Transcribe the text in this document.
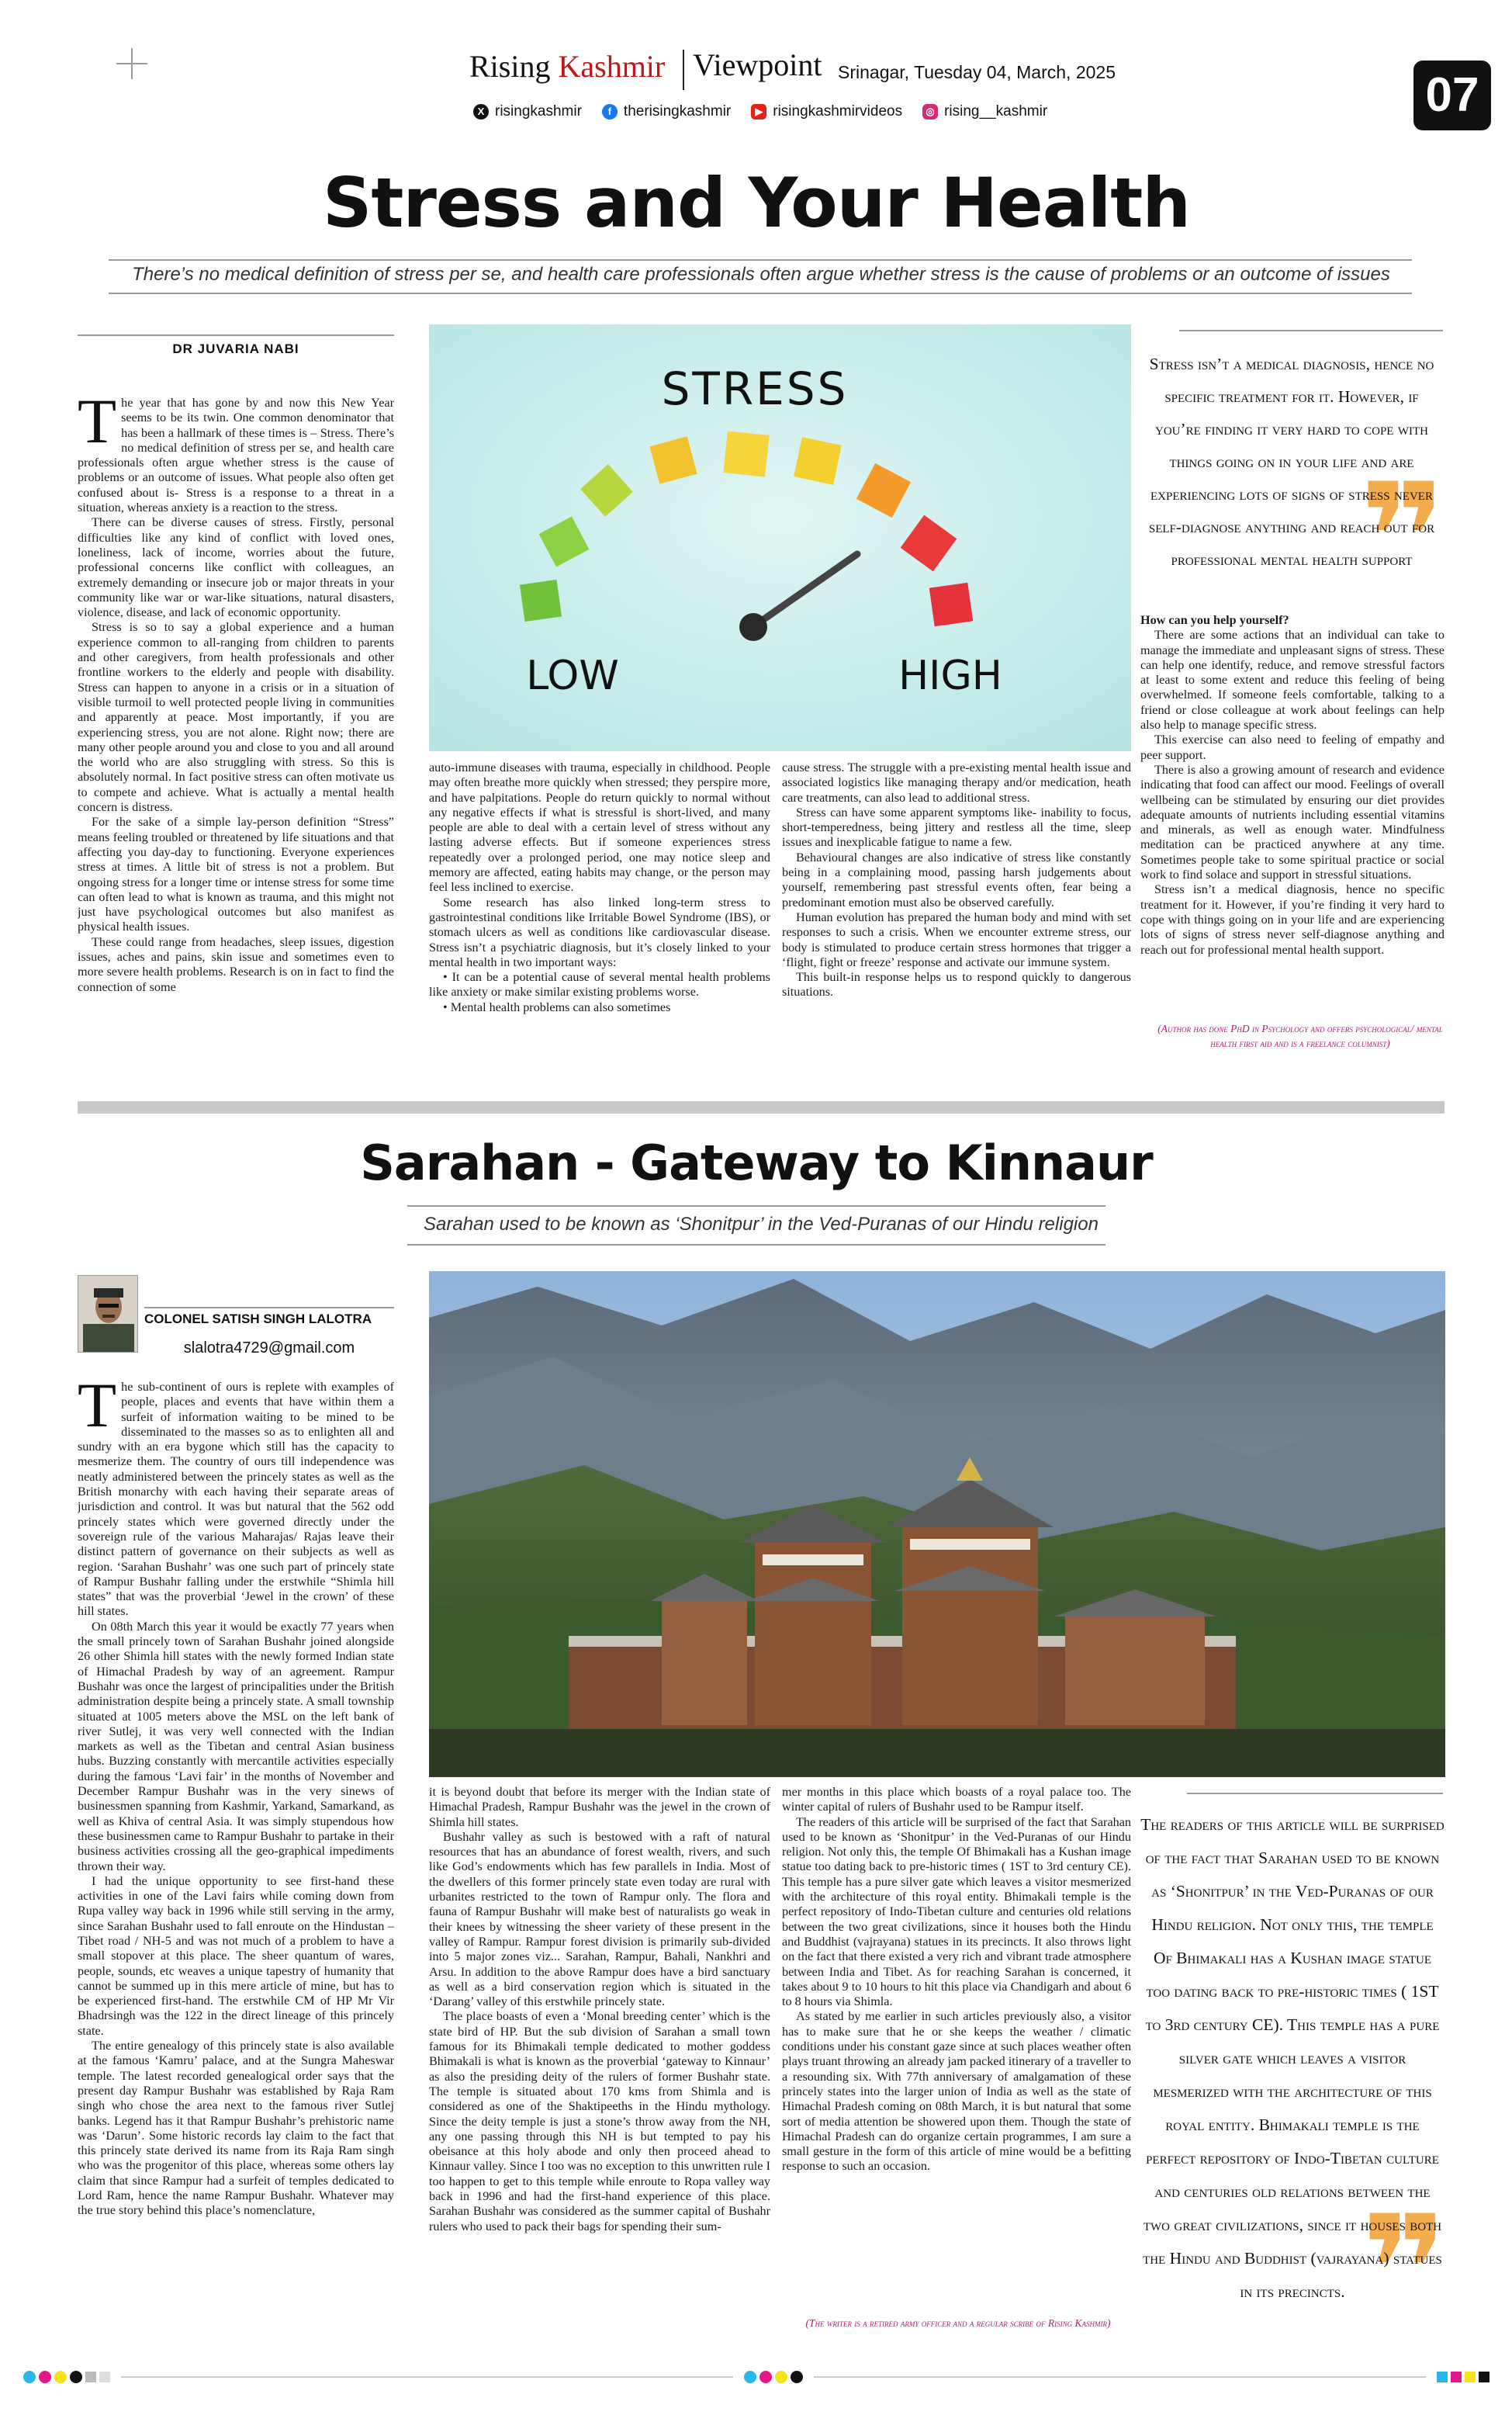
Rising Kashmir Viewpoint Srinagar, Tuesday 04, March, 2025
X risingkashmir	f therisingkashmir	▶ risingkashmirvideos	◎ rising__kashmir	07
Stress and Your Health
There’s no medical definition of stress per se, and health care professionals often argue whether stress is the cause of problems or an outcome of issues
DR JUVARIA NABI

The year that has gone by and now this New Year seems to be its twin. One common denominator that has been a hallmark of these times is – Stress. There’s no medical definition of stress per se, and health care professionals often argue whether stress is the cause of problems or an outcome of issues. What people also often get confused about is- Stress is a response to a threat in a situation, whereas anxiety is a reaction to the stress.

There can be diverse causes of stress. Firstly, personal difficulties like any kind of conflict with loved ones, loneliness, lack of income, worries about the future, professional concerns like conflict with colleagues, an extremely demanding or insecure job or major threats in your community like war or war-like situations, natural disasters, violence, disease, and lack of economic opportunity.

Stress is so to say a global experience and a human experience common to all-ranging from children to parents and other caregivers, from health professionals and other frontline workers to the elderly and people with disability. Stress can happen to anyone in a crisis or in a situation of visible turmoil to well protected people living in communities and apparently at peace. Most importantly, if you are experiencing stress, you are not alone. Right now; there are many other people around you and close to you and all around the world who are also struggling with stress. So this is absolutely normal. In fact positive stress can often motivate us to compete and achieve. What is actually a mental health concern is distress.

For the sake of a simple lay-person definition “Stress” means feeling troubled or threatened by life situations and that affecting you day-day to functioning. Everyone experiences stress at times. A little bit of stress is not a problem. But ongoing stress for a longer time or intense stress for some time can often lead to what is known as trauma, and this might not just have psychological outcomes but also manifest as physical health issues.

These could range from headaches, sleep issues, digestion issues, aches and pains, skin issue and sometimes even to more severe health problems. Research is on in fact to find the connection of some

STRESS
LOW	HIGH

auto-immune diseases with trauma, especially in childhood. People may often breathe more quickly when stressed; they perspire more, and have palpitations. People do return quickly to normal without any negative effects if what is stressful is short-lived, and many people are able to deal with a certain level of stress without any lasting adverse effects. But if someone experiences stress repeatedly over a prolonged period, one may notice sleep and memory are affected, eating habits may change, or the person may feel less inclined to exercise.

Some research has also linked long-term stress to gastrointestinal conditions like Irritable Bowel Syndrome (IBS), or stomach ulcers as well as conditions like cardiovascular disease. Stress isn’t a psychiatric diagnosis, but it’s closely linked to your mental health in two important ways:

• It can be a potential cause of several mental health problems like anxiety or make similar existing problems worse.

• Mental health problems can also sometimes

cause stress. The struggle with a pre-existing mental health issue and associated logistics like managing therapy and/or medication, heath care treatments, can also lead to additional stress.

Stress can have some apparent symptoms like- inability to focus, short-temperedness, being jittery and restless all the time, sleep issues and inexplicable fatigue to name a few.

Behavioural changes are also indicative of stress like constantly being in a complaining mood, passing harsh judgements about yourself, remembering past stressful events often, fear being a predominant emotion must also be observed carefully.

Human evolution has prepared the human body and mind with set responses to such a crisis. When we encounter extreme stress, our body is stimulated to produce certain stress hormones that trigger a ‘flight, fight or freeze’ response and activate our immune system.

This built-in response helps us to respond quickly to dangerous situations.

❞
Stress isn’t a medical diagnosis, hence no specific treatment for it. However, if you’re finding it very hard to cope with things going on in your life and are experiencing lots of signs of stress never self-diagnose anything and reach out for professional mental health support

How can you help yourself?

There are some actions that an individual can take to manage the immediate and unpleasant signs of stress. These can help one identify, reduce, and remove stressful factors at least to some extent and reduce this feeling of being overwhelmed. If someone feels comfortable, talking to a friend or close colleague at work about feelings can help also help to manage specific stress.

This exercise can also need to feeling of empathy and peer support.

There is also a growing amount of research and evidence indicating that food can affect our mood. Feelings of overall wellbeing can be stimulated by ensuring our diet provides adequate amounts of nutrients including essential vitamins and minerals, as well as enough water. Mindfulness meditation can be practiced anywhere at any time. Sometimes people take to some spiritual practice or social work to find solace and support in stressful situations.

Stress isn’t a medical diagnosis, hence no specific treatment for it. However, if you’re finding it very hard to cope with things going on in your life and are experiencing lots of signs of stress never self-diagnose anything and reach out for professional mental health support.

(Author has done PhD in Psychology and offers psychological/ mental health first aid and is a freelance columnist)
Sarahan - Gateway to Kinnaur
Sarahan used to be known as ‘Shonitpur’ in the Ved-Puranas of our Hindu religion
COLONEL SATISH SINGH LALOTRA
slalotra4729@gmail.com

The sub-continent of ours is replete with examples of people, places and events that have within them a surfeit of information waiting to be mined to be disseminated to the masses so as to enlighten all and sundry with an era bygone which still has the capacity to mesmerize them. The country of ours till independence was neatly administered between the princely states as well as the British monarchy with each having their separate areas of jurisdiction and control. It was but natural that the 562 odd princely states which were governed directly under the sovereign rule of the various Maharajas/ Rajas leave their distinct pattern of governance on their subjects as well as region. ‘Sarahan Bushahr’ was one such part of princely state of Rampur Bushahr falling under the erstwhile “Shimla hill states” that was the proverbial ‘Jewel in the crown’ of these hill states.

On 08th March this year it would be exactly 77 years when the small princely town of Sarahan Bushahr joined alongside 26 other Shimla hill states with the newly formed Indian state of Himachal Pradesh by way of an agreement. Rampur Bushahr was once the largest of principalities under the British administration despite being a princely state. A small township situated at 1005 meters above the MSL on the left bank of river Sutlej, it was very well connected with the Indian markets as well as the Tibetan and central Asian business hubs. Buzzing constantly with mercantile activities especially during the famous ‘Lavi fair’ in the months of November and December Rampur Bushahr was in the very sinews of businessmen spanning from Kashmir, Yarkand, Samarkand, as well as Khiva of central Asia. It was simply stupendous how these businessmen came to Rampur Bushahr to partake in their business activities crossing all the geo-graphical impediments thrown their way.

I had the unique opportunity to see first-hand these activities in one of the Lavi fairs while coming down from Rupa valley way back in 1996 while still serving in the army, since Sarahan Bushahr used to fall enroute on the Hindustan –Tibet road / NH-5 and was not much of a problem to have a small stopover at this place. The sheer quantum of wares, people, sounds, etc weaves a unique tapestry of humanity that cannot be summed up in this mere article of mine, but has to be experienced first-hand. The erstwhile CM of HP Mr Vir Bhadrsingh was the 122 in the direct lineage of this princely state.

The entire genealogy of this princely state is also available at the famous ‘Kamru’ palace, and at the Sungra Maheswar temple. The latest recorded genealogical order says that the present day Rampur Bushahr was established by Raja Ram singh who chose the area next to the famous river Sutlej banks. Legend has it that Rampur Bushahr’s prehistoric name was ‘Darun’. Some historic records lay claim to the fact that this princely state derived its name from its Raja Ram singh who was the progenitor of this place, whereas some others lay claim that since Rampur had a surfeit of temples dedicated to Lord Ram, hence the name Rampur Bushahr. Whatever may the true story behind this place’s nomenclature,

it is beyond doubt that before its merger with the Indian state of Himachal Pradesh, Rampur Bushahr was the jewel in the crown of Shimla hill states.

Bushahr valley as such is bestowed with a raft of natural resources that has an abundance of forest wealth, rivers, and such like God’s endowments which has few parallels in India. Most of the dwellers of this former princely state even today are rural with urbanites restricted to the town of Rampur only. The flora and fauna of Rampur Bushahr will make best of naturalists go weak in their knees by witnessing the sheer variety of these present in the valley of Rampur. Rampur forest division is primarily sub-divided into 5 major zones viz... Sarahan, Rampur, Bahali, Nankhri and Arsu. In addition to the above Rampur does have a bird sanctuary as well as a bird conservation region which is situated in the ‘Darang’ valley of this erstwhile princely state.

The place boasts of even a ‘Monal breeding center’ which is the state bird of HP. But the sub division of Sarahan a small town famous for its Bhimakali temple dedicated to mother goddess Bhimakali is what is known as the proverbial ‘gateway to Kinnaur’ as also the presiding deity of the rulers of former Bushahr state. The temple is situated about 170 kms from Shimla and is considered as one of the Shaktipeeths in the Hindu mythology. Since the deity temple is just a stone’s throw away from the NH, any one passing through this NH is but tempted to pay his obeisance at this holy abode and only then proceed ahead to Kinnaur valley. Since I too was no exception to this unwritten rule I too happen to get to this temple while enroute to Ropa valley way back in 1996 and had the first-hand experience of this place. Sarahan Bushahr was considered as the summer capital of Bushahr rulers who used to pack their bags for spending their sum-

mer months in this place which boasts of a royal palace too. The winter capital of rulers of Bushahr used to be Rampur itself.

The readers of this article will be surprised of the fact that Sarahan used to be known as ‘Shonitpur’ in the Ved-Puranas of our Hindu religion. Not only this, the temple Of Bhimakali has a Kushan image statue too dating back to pre-historic times ( 1ST to 3rd century CE). This temple has a pure silver gate which leaves a visitor mesmerized with the architecture of this royal entity. Bhimakali temple is the perfect repository of Indo-Tibetan culture and centuries old relations between the two great civilizations, since it houses both the Hindu and Buddhist (vajrayana) statues in its precincts. It also throws light on the fact that there existed a very rich and vibrant trade atmosphere between India and Tibet. As for reaching Sarahan is concerned, it takes about 9 to 10 hours to hit this place via Chandigarh and about 6 to 8 hours via Shimla.

As stated by me earlier in such articles previously also, a visitor has to make sure that he or she keeps the weather / climatic conditions under his constant gaze since at such places weather often plays truant throwing an already jam packed itinerary of a traveller to a resounding six. With 77th anniversary of amalgamation of these princely states into the larger union of India as well as the state of Himachal Pradesh coming on 08th March, it is but natural that some sort of media attention be showered upon them. Though the state of Himachal Pradesh can do organize certain programmes, I am sure a small gesture in the form of this article of mine would be a befitting response to such an occasion.

(The writer is a retired army officer and a regular scribe of Rising Kashmir) ❞
The readers of this article will be surprised of the fact that Sarahan used to be known as ‘Shonitpur’ in the Ved-Puranas of our Hindu religion. Not only this, the temple Of Bhimakali has a Kushan image statue too dating back to pre-historic times ( 1ST to 3rd century CE). This temple has a pure silver gate which leaves a visitor mesmerized with the architecture of this royal entity. Bhimakali temple is the perfect repository of Indo-Tibetan culture and centuries old relations between the two great civilizations, since it houses both the Hindu and Buddhist (vajrayana) statues in its precincts.
